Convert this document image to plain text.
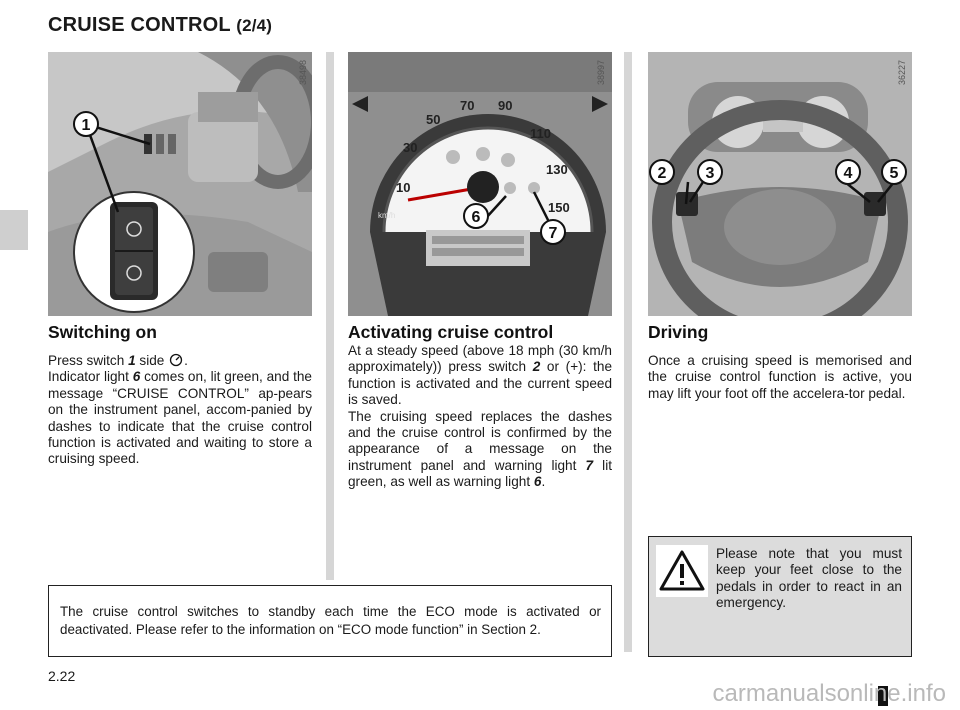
CRUISE CONTROL (2/4)
1
38498
10
30
50
70 90
110
130
150
km/h	6
7
38997
2 3	4 5
36227
Switching on

Press switch 1 side .
Indicator light 6 comes on, lit green, and the message “CRUISE CONTROL” ap-pears on the instrument panel, accom-panied by dashes to indicate that the cruise control function is activated and waiting to store a cruising speed.

Activating cruise control

At a steady speed (above 18 mph (30 km/h approximately)) press switch 2 or (+): the function is activated and the current speed is saved.

The cruising speed replaces the dashes and the cruise control is confirmed by the appearance of a message on the instrument panel and warning light 7 lit green, as well as warning light 6.

Driving

Once a cruising speed is memorised and the cruise control function is active, you may lift your foot off the accelera-tor pedal.

The cruise control switches to standby each time the ECO mode is activated or deactivated. Please refer to the information on “ECO mode function” in Section 2.

Please note that you must keep your feet close to the pedals in order to react in an emergency.

2.22
carmanualsonline.info
